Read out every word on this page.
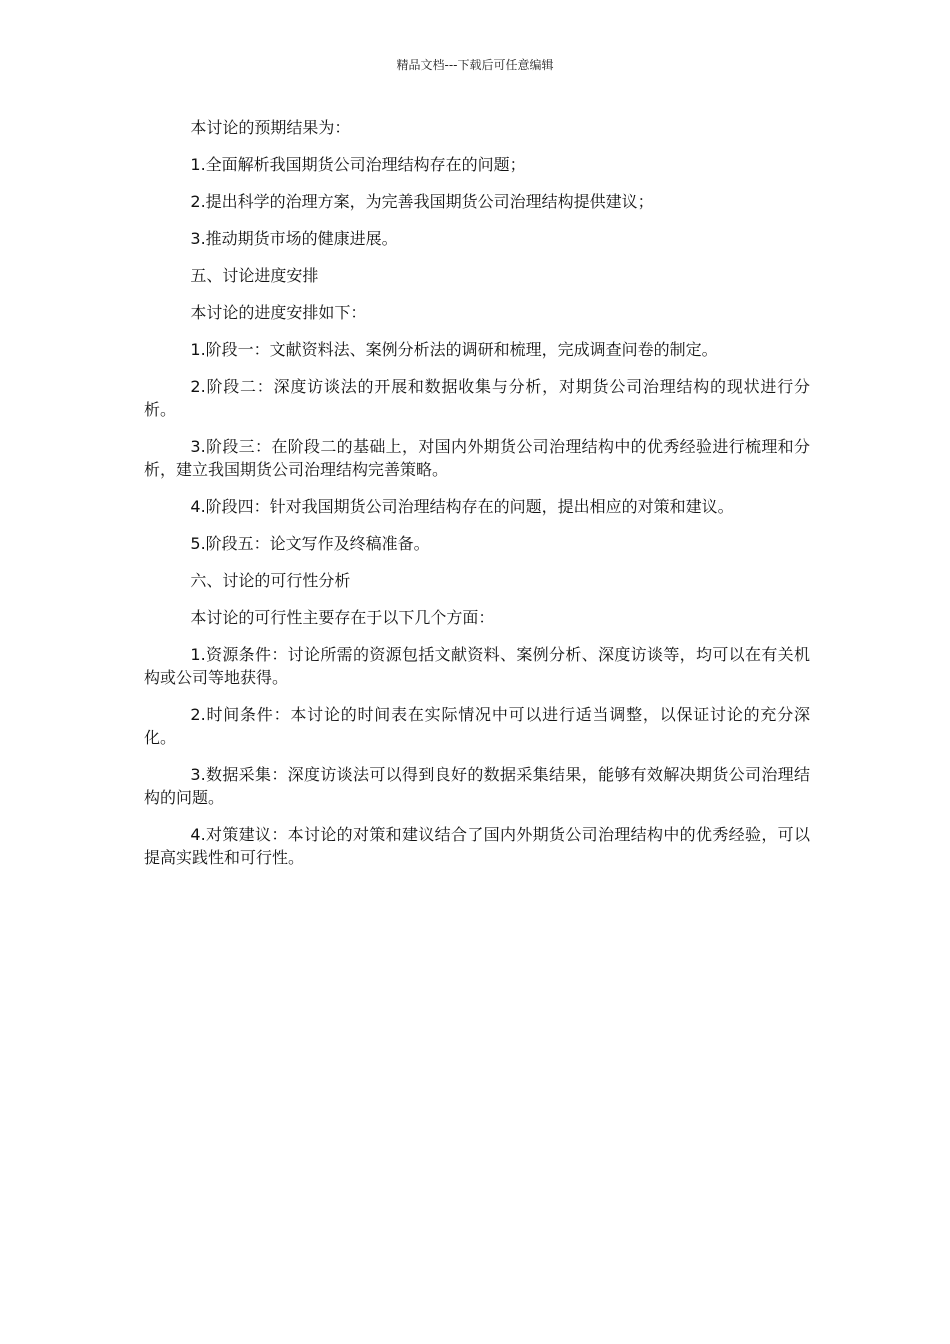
精品文档---下载后可任意编辑

本讨论的预期结果为：

1.全面解析我国期货公司治理结构存在的问题；

2.提出科学的治理方案，为完善我国期货公司治理结构提供建议；

3.推动期货市场的健康进展。

五、讨论进度安排

本讨论的进度安排如下：

1.阶段一：文献资料法、案例分析法的调研和梳理，完成调查问卷的制定。

2.阶段二：深度访谈法的开展和数据收集与分析，对期货公司治理结构的现状进行分析。

3.阶段三：在阶段二的基础上，对国内外期货公司治理结构中的优秀经验进行梳理和分析，建立我国期货公司治理结构完善策略。

4.阶段四：针对我国期货公司治理结构存在的问题，提出相应的对策和建议。

5.阶段五：论文写作及终稿准备。

六、讨论的可行性分析

本讨论的可行性主要存在于以下几个方面：

1.资源条件：讨论所需的资源包括文献资料、案例分析、深度访谈等，均可以在有关机构或公司等地获得。

2.时间条件：本讨论的时间表在实际情况中可以进行适当调整，以保证讨论的充分深化。

3.数据采集：深度访谈法可以得到良好的数据采集结果，能够有效解决期货公司治理结构的问题。

4.对策建议：本讨论的对策和建议结合了国内外期货公司治理结构中的优秀经验，可以提高实践性和可行性。
